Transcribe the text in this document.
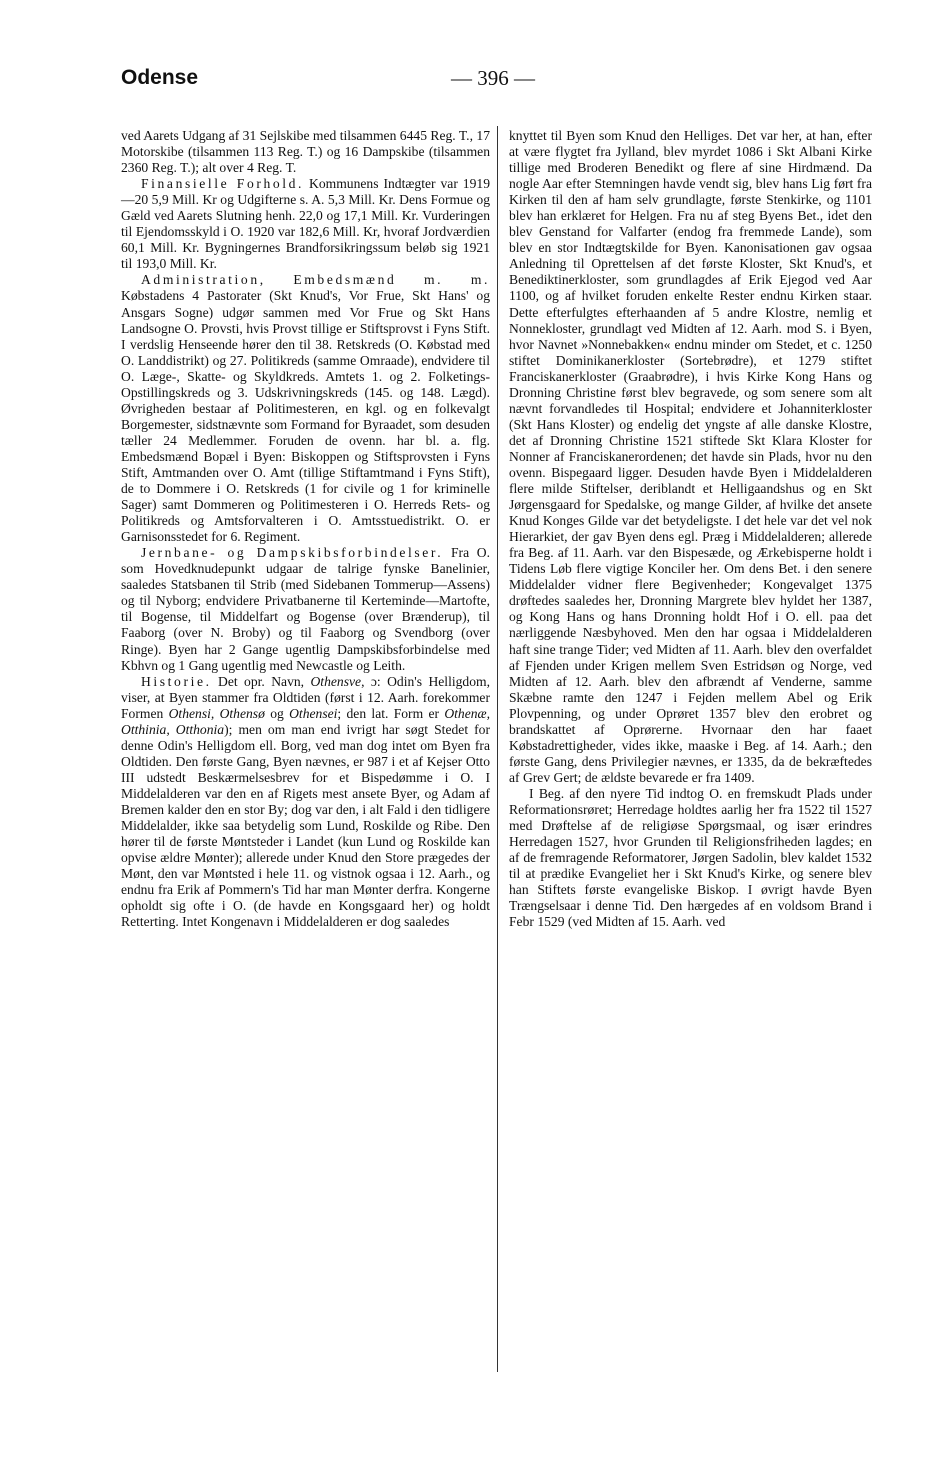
Odense	— 396 —

ved Aarets Udgang af 31 Sejlskibe med tilsammen 6445 Reg. T., 17 Motorskibe (tilsammen 113 Reg. T.) og 16 Dampskibe (tilsammen 2360 Reg. T.); alt over 4 Reg. T.

Finansielle Forhold. Kommunens Indtægter var 1919—20 5,9 Mill. Kr og Udgifterne s. A. 5,3 Mill. Kr. Dens Formue og Gæld ved Aarets Slutning henh. 22,0 og 17,1 Mill. Kr. Vurderingen til Ejendomsskyld i O. 1920 var 182,6 Mill. Kr, hvoraf Jordværdien 60,1 Mill. Kr. Bygningernes Brandforsikringssum beløb sig 1921 til 193,0 Mill. Kr.

Administration, Embedsmænd m. m. Købstadens 4 Pastorater (Skt Knud's, Vor Frue, Skt Hans' og Ansgars Sogne) udgør sammen med Vor Frue og Skt Hans Landsogne O. Provsti, hvis Provst tillige er Stiftsprovst i Fyns Stift. I verdslig Henseende hører den til 38. Retskreds (O. Købstad med O. Landdistrikt) og 27. Politikreds (samme Omraade), endvidere til O. Læge-, Skatte- og Skyldkreds. Amtets 1. og 2. Folketings-Opstillingskreds og 3. Udskrivningskreds (145. og 148. Lægd). Øvrigheden bestaar af Politimesteren, en kgl. og en folkevalgt Borgemester, sidstnævnte som Formand for Byraadet, som desuden tæller 24 Medlemmer. Foruden de ovenn. har bl. a. flg. Embedsmænd Bopæl i Byen: Biskoppen og Stiftsprovsten i Fyns Stift, Amtmanden over O. Amt (tillige Stiftamtmand i Fyns Stift), de to Dommere i O. Retskreds (1 for civile og 1 for kriminelle Sager) samt Dommeren og Politimesteren i O. Herreds Rets- og Politikreds og Amtsforvalteren i O. Amtsstuedistrikt. O. er Garnisonsstedet for 6. Regiment.

Jernbane- og Dampskibsforbindelser. Fra O. som Hovedknudepunkt udgaar de talrige fynske Banelinier, saaledes Statsbanen til Strib (med Sidebanen Tommerup—Assens) og til Nyborg; endvidere Privatbanerne til Kerteminde—Martofte, til Bogense, til Middelfart og Bogense (over Brænderup), til Faaborg (over N. Broby) og til Faaborg og Svendborg (over Ringe). Byen har 2 Gange ugentlig Dampskibsforbindelse med Kbhvn og 1 Gang ugentlig med Newcastle og Leith.

Historie. Det opr. Navn, Othensve, ɔ: Odin's Helligdom, viser, at Byen stammer fra Oldtiden (først i 12. Aarh. forekommer Formen Othensi, Othensø og Othensei; den lat. Form er Othenæ, Otthinia, Otthonia); men om man end ivrigt har søgt Stedet for denne Odin's Helligdom ell. Borg, ved man dog intet om Byen fra Oldtiden. Den første Gang, Byen nævnes, er 987 i et af Kejser Otto III udstedt Beskærmelsesbrev for et Bispedømme i O. I Middelalderen var den en af Rigets mest ansete Byer, og Adam af Bremen kalder den en stor By; dog var den, i alt Fald i den tidligere Middelalder, ikke saa betydelig som Lund, Roskilde og Ribe. Den hører til de første Møntsteder i Landet (kun Lund og Roskilde kan opvise ældre Mønter); allerede under Knud den Store prægedes der Mønt, den var Møntsted i hele 11. og vistnok ogsaa i 12. Aarh., og endnu fra Erik af Pommern's Tid har man Mønter derfra. Kongerne opholdt sig ofte i O. (de havde en Kongsgaard her) og holdt Retterting. Intet Kongenavn i Middelalderen er dog saaledes

knyttet til Byen som Knud den Helliges. Det var her, at han, efter at være flygtet fra Jylland, blev myrdet 1086 i Skt Albani Kirke tillige med Broderen Benedikt og flere af sine Hirdmænd. Da nogle Aar efter Stemningen havde vendt sig, blev hans Lig ført fra Kirken til den af ham selv grundlagte, første Stenkirke, og 1101 blev han erklæret for Helgen. Fra nu af steg Byens Bet., idet den blev Genstand for Valfarter (endog fra fremmede Lande), som blev en stor Indtægtskilde for Byen. Kanonisationen gav ogsaa Anledning til Oprettelsen af det første Kloster, Skt Knud's, et Benediktinerkloster, som grundlagdes af Erik Ejegod ved Aar 1100, og af hvilket foruden enkelte Rester endnu Kirken staar. Dette efterfulgtes efterhaanden af 5 andre Klostre, nemlig et Nonnekloster, grundlagt ved Midten af 12. Aarh. mod S. i Byen, hvor Navnet »Nonnebakken« endnu minder om Stedet, et c. 1250 stiftet Dominikanerkloster (Sortebrødre), et 1279 stiftet Franciskanerkloster (Graabrødre), i hvis Kirke Kong Hans og Dronning Christine først blev begravede, og som senere som alt nævnt forvandledes til Hospital; endvidere et Johanniterkloster (Skt Hans Kloster) og endelig det yngste af alle danske Klostre, det af Dronning Christine 1521 stiftede Skt Klara Kloster for Nonner af Franciskanerordenen; det havde sin Plads, hvor nu den ovenn. Bispegaard ligger. Desuden havde Byen i Middelalderen flere milde Stiftelser, deriblandt et Helligaandshus og en Skt Jørgensgaard for Spedalske, og mange Gilder, af hvilke det ansete Knud Konges Gilde var det betydeligste. I det hele var det vel nok Hierarkiet, der gav Byen dens egl. Præg i Middelalderen; allerede fra Beg. af 11. Aarh. var den Bispesæde, og Ærkebisperne holdt i Tidens Løb flere vigtige Konciler her. Om dens Bet. i den senere Middelalder vidner flere Begivenheder; Kongevalget 1375 drøftedes saaledes her, Dronning Margrete blev hyldet her 1387, og Kong Hans og hans Dronning holdt Hof i O. ell. paa det nærliggende Næsbyhoved. Men den har ogsaa i Middelalderen haft sine trange Tider; ved Midten af 11. Aarh. blev den overfaldet af Fjenden under Krigen mellem Sven Estridsøn og Norge, ved Midten af 12. Aarh. blev den afbrændt af Venderne, samme Skæbne ramte den 1247 i Fejden mellem Abel og Erik Plovpenning, og under Oprøret 1357 blev den erobret og brandskattet af Oprørerne. Hvornaar den har faaet Købstadrettigheder, vides ikke, maaske i Beg. af 14. Aarh.; den første Gang, dens Privilegier nævnes, er 1335, da de bekræftedes af Grev Gert; de ældste bevarede er fra 1409.

I Beg. af den nyere Tid indtog O. en fremskudt Plads under Reformationsrøret; Herredage holdtes aarlig her fra 1522 til 1527 med Drøftelse af de religiøse Spørgsmaal, og især erindres Herredagen 1527, hvor Grunden til Religionsfriheden lagdes; en af de fremragende Reformatorer, Jørgen Sadolin, blev kaldet 1532 til at prædike Evangeliet her i Skt Knud's Kirke, og senere blev han Stiftets første evangeliske Biskop. I øvrigt havde Byen Trængselsaar i denne Tid. Den hærgedes af en voldsom Brand i Febr 1529 (ved Midten af 15. Aarh. ved
